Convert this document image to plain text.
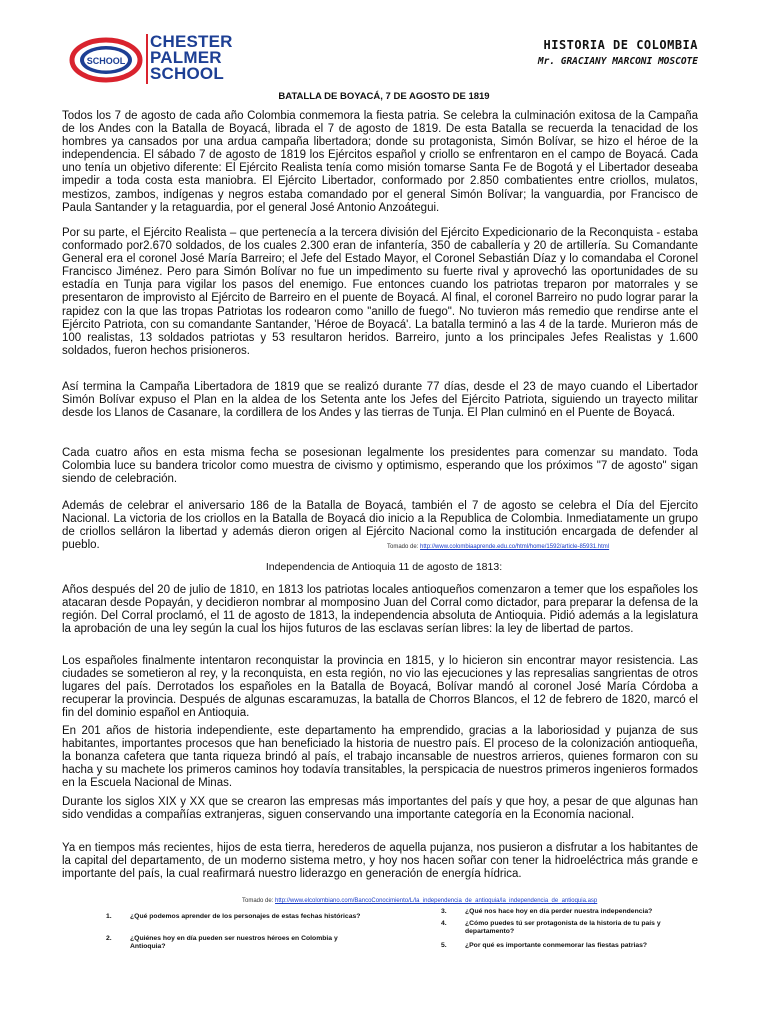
SCHOOL
CHESTER
PALMER
SCHOOL
HISTORIA DE COLOMBIA
Mr. GRACIANY MARCONI MOSCOTE
BATALLA DE BOYACÁ, 7 DE AGOSTO DE 1819

Todos los 7 de agosto de cada año Colombia conmemora la fiesta patria. Se celebra la culminación exitosa de la Campaña de los Andes con la Batalla de Boyacá, librada el 7 de agosto de 1819. De esta Batalla se recuerda la tenacidad de los hombres ya cansados por una ardua campaña libertadora; donde su protagonista, Simón Bolívar, se hizo el héroe de la independencia. El sábado 7 de agosto de 1819 los Ejércitos español y criollo se enfrentaron en el campo de Boyacá. Cada uno tenía un objetivo diferente: El Ejército Realista tenía como misión tomarse Santa Fe de Bogotá y el Libertador deseaba impedir a toda costa esta maniobra. El Ejército Libertador, conformado por 2.850 combatientes entre criollos, mulatos, mestizos, zambos, indígenas y negros estaba comandado por el general Simón Bolívar; la vanguardia, por Francisco de Paula Santander y la retaguardia, por el general José Antonio Anzoátegui.

Por su parte, el Ejército Realista – que pertenecía a la tercera división del Ejército Expedicionario de la Reconquista - estaba conformado por2.670 soldados, de los cuales 2.300 eran de infantería, 350 de caballería y 20 de artillería. Su Comandante General era el coronel José María Barreiro; el Jefe del Estado Mayor, el Coronel Sebastián Díaz y lo comandaba el Coronel Francisco Jiménez. Pero para Simón Bolívar no fue un impedimento su fuerte rival y aprovechó las oportunidades de su estadía en Tunja para vigilar los pasos del enemigo. Fue entonces cuando los patriotas treparon por matorrales y se presentaron de improvisto al Ejército de Barreiro en el puente de Boyacá. Al final, el coronel Barreiro no pudo lograr parar la rapidez con la que las tropas Patriotas los rodearon como "anillo de fuego". No tuvieron más remedio que rendirse ante el Ejército Patriota, con su comandante Santander, 'Héroe de Boyacá'. La batalla terminó a las 4 de la tarde. Murieron más de 100 realistas, 13 soldados patriotas y 53 resultaron heridos. Barreiro, junto a los principales Jefes Realistas y 1.600 soldados, fueron hechos prisioneros.

Así termina la Campaña Libertadora de 1819 que se realizó durante 77 días, desde el 23 de mayo cuando el Libertador Simón Bolívar expuso el Plan en la aldea de los Setenta ante los Jefes del Ejército Patriota, siguiendo un trayecto militar desde los Llanos de Casanare, la cordillera de los Andes y las tierras de Tunja. El Plan culminó en el Puente de Boyacá.

Cada cuatro años en esta misma fecha se posesionan legalmente los presidentes para comenzar su mandato. Toda Colombia luce su bandera tricolor como muestra de civismo y optimismo, esperando que los próximos "7 de agosto" sigan siendo de celebración.

Además de celebrar el aniversario 186 de la Batalla de Boyacá, también el 7 de agosto se celebra el Día del Ejercito Nacional. La victoria de los criollos en la Batalla de Boyacá dio inicio a la Republica de Colombia. Inmediatamente un grupo de criollos selláron la libertad y además dieron origen al Ejército Nacional como la institución encargada de defender al pueblo.	Tomado de: http://www.colombiaaprende.edu.co/html/home/1592/article-85931.html
Independencia de Antioquia 11 de agosto de 1813:

Años después del 20 de julio de 1810, en 1813 los patriotas locales antioqueños comenzaron a temer que los españoles los atacaran desde Popayán, y decidieron nombrar al momposino Juan del Corral como dictador, para preparar la defensa de la región. Del Corral proclamó, el 11 de agosto de 1813, la independencia absoluta de Antioquia. Pidió además a la legislatura la aprobación de una ley según la cual los hijos futuros de las esclavas serían libres: la ley de libertad de partos.

Los españoles finalmente intentaron reconquistar la provincia en 1815, y lo hicieron sin encontrar mayor resistencia. Las ciudades se sometieron al rey, y la reconquista, en esta región, no vio las ejecuciones y las represalias sangrientas de otros lugares del país. Derrotados los españoles en la Batalla de Boyacá, Bolívar mandó al coronel José María Córdoba a recuperar la provincia. Después de algunas escaramuzas, la batalla de Chorros Blancos, el 12 de febrero de 1820, marcó el fin del dominio español en Antioquia.

En 201 años de historia independiente, este departamento ha emprendido, gracias a la laboriosidad y pujanza de sus habitantes, importantes procesos que han beneficiado la historia de nuestro país. El proceso de la colonización antioqueña, la bonanza cafetera que tanta riqueza brindó al país, el trabajo incansable de nuestros arrieros, quienes formaron con su hacha y su machete los primeros caminos hoy todavía transitables, la perspicacia de nuestros primeros ingenieros formados en la Escuela Nacional de Minas.

Durante los siglos XIX y XX que se crearon las empresas más importantes del país y que hoy, a pesar de que algunas han sido vendidas a compañías extranjeras, siguen conservando una importante categoría en la Economía nacional.

Ya en tiempos más recientes, hijos de esta tierra, herederos de aquella pujanza, nos pusieron a disfrutar a los habitantes de la capital del departamento, de un moderno sistema metro, y hoy nos hacen soñar con tener la hidroeléctrica más grande e importante del país, la cual reafirmará nuestro liderazgo en generación de energía hídrica.

Tomado de: http://www.elcolombiano.com/BancoConocimiento/L/la_independencia_de_antioquia/la_independencia_de_antioquia.asp
1.	¿Qué podemos aprender de los personajes de estas fechas históricas?
2.	¿Quiénes hoy en día pueden ser nuestros héroes en Colombia y Antioquia?
3.	¿Qué nos hace hoy en día perder nuestra independencia?
4.	¿Cómo puedes tú ser protagonista de la historia de tu país y departamento?
5.	¿Por qué es importante conmemorar las fiestas patrias?
